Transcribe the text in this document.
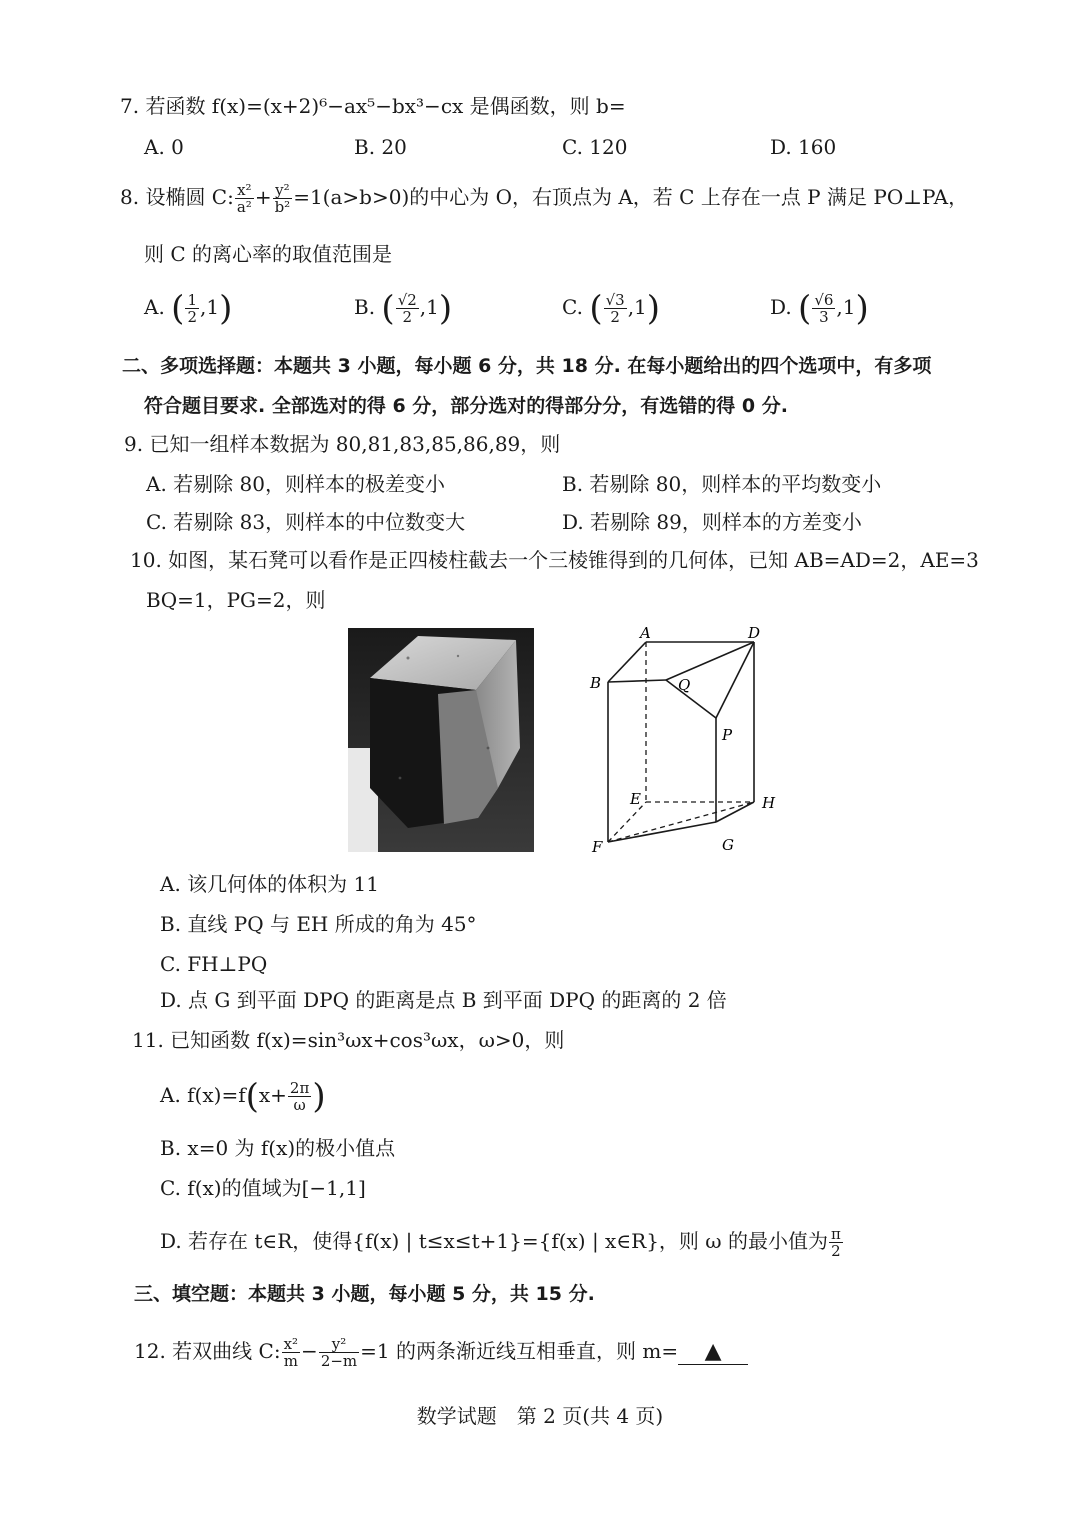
7. 若函数 f(x)=(x+2)⁶−ax⁵−bx³−cx 是偶函数，则 b=
A. 0	B. 20	C. 120	D. 160
8. 设椭圆 C: $\frac{\text{x²}}{\text{a²}} + \frac{\text{y²}}{\text{b²}} =1(a>b>0)$的中心为 O，右顶点为 A，若 C 上存在一点 P 满足 PO⊥PA，
则 C 的离心率的取值范围是
A. ( $\frac{1}{2} ,1$)	B. ( $\frac{√2}{2} ,1$)	C. ( $\frac{√3}{2} ,1$)	D. ( $\frac{√6}{3} ,1$)
二、多项选择题：本题共 3 小题，每小题 6 分，共 18 分. 在每小题给出的四个选项中，有多项
符合题目要求. 全部选对的得 6 分，部分选对的得部分分，有选错的得 0 分.
9. 已知一组样本数据为 80,81,83,85,86,89，则
A. 若剔除 80，则样本的极差变小	B. 若剔除 80，则样本的平均数变小
C. 若剔除 83，则样本的中位数变大	D. 若剔除 89，则样本的方差变小
10. 如图，某石凳可以看作是正四棱柱截去一个三棱锥得到的几何体，已知 AB=AD=2，AE=3
BQ=1，PG=2，则
A	D
B	Q
P
E	H
F	G
A. 该几何体的体积为 11
B. 直线 PQ 与 EH 所成的角为 45°
C. FH⊥PQ
D. 点 G 到平面 DPQ 的距离是点 B 到平面 DPQ 的距离的 2 倍
11. 已知函数 f(x)=sin³ωx+cos³ωx，ω>0，则
A. $f(x)=f(x+ \frac{2\pi}{\omega}$ )
B. x=0 为 f(x)的极小值点
C. f(x)的值域为[−1,1]
D. 若存在 t∈R，使得{f(x) | t≤x≤t+1}={f(x) | x∈R}，则 ω 的最小值为 $\frac{\pi}{2}$
三、填空题：本题共 3 小题，每小题 5 分，共 15 分.
12. 若双曲线 C: $\frac{\text{x²}}{m} - \frac{\text{y²}}{2-m} =1$ 的两条渐近线互相垂直，则 m= ▲
数学试题　第 2 页(共 4 页)
